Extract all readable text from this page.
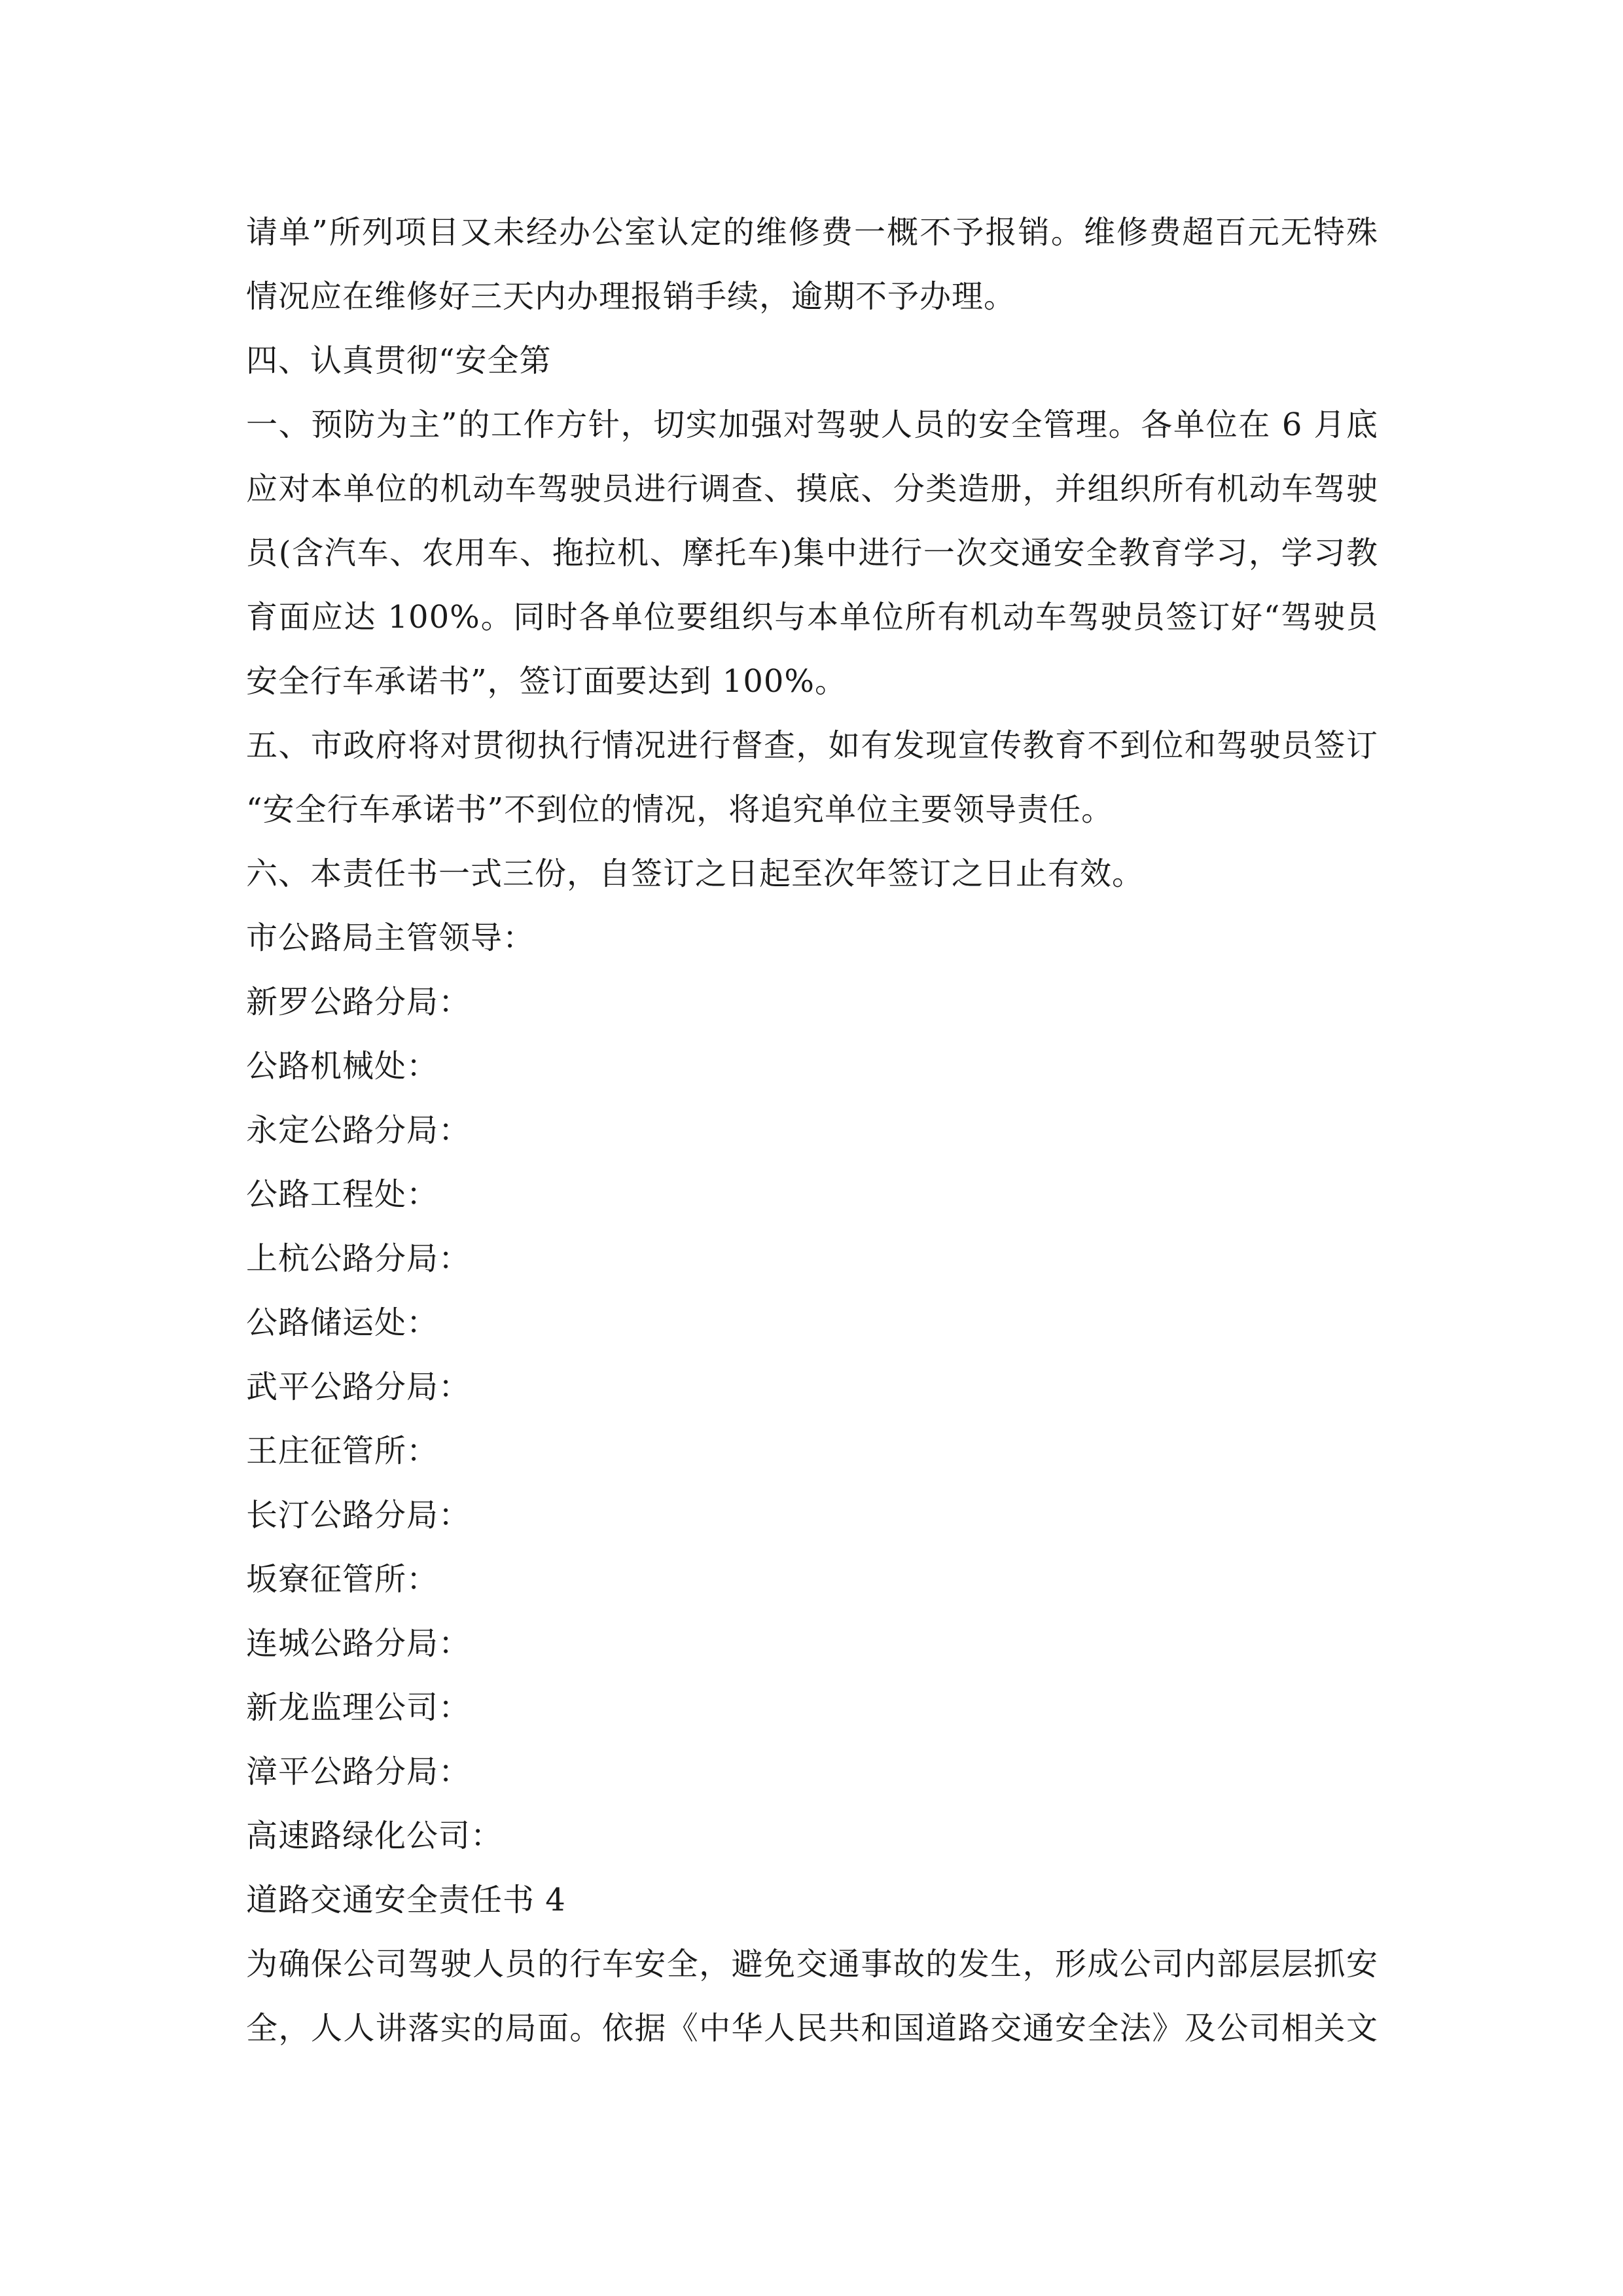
请单”所列项目又未经办公室认定的维修费一概不予报销。维修费超百元无特殊
情况应在维修好三天内办理报销手续，逾期不予办理。
四、认真贯彻“安全第
一、预防为主”的工作方针，切实加强对驾驶人员的安全管理。各单位在 6 月底
应对本单位的机动车驾驶员进行调查、摸底、分类造册，并组织所有机动车驾驶
员(含汽车、农用车、拖拉机、摩托车)集中进行一次交通安全教育学习，学习教
育面应达 100%。同时各单位要组织与本单位所有机动车驾驶员签订好“驾驶员
安全行车承诺书”，签订面要达到 100%。
五、市政府将对贯彻执行情况进行督查，如有发现宣传教育不到位和驾驶员签订
“安全行车承诺书”不到位的情况，将追究单位主要领导责任。
六、本责任书一式三份，自签订之日起至次年签订之日止有效。
市公路局主管领导：
新罗公路分局：
公路机械处：
永定公路分局：
公路工程处：
上杭公路分局：
公路储运处：
武平公路分局：
王庄征管所：
长汀公路分局：
坂寮征管所：
连城公路分局：
新龙监理公司：
漳平公路分局：
高速路绿化公司：
道路交通安全责任书 4
为确保公司驾驶人员的行车安全，避免交通事故的发生，形成公司内部层层抓安
全，人人讲落实的局面。依据《中华人民共和国道路交通安全法》及公司相关文
